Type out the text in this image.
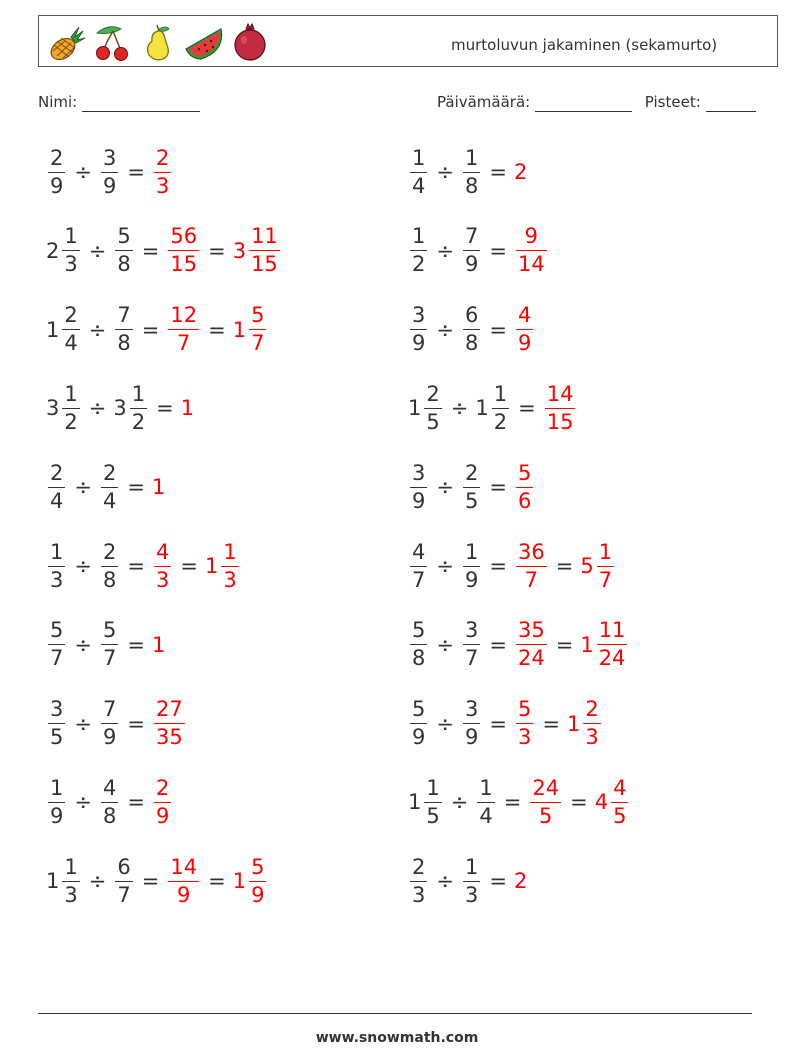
murtoluvun jakaminen (sekamurto)
Nimi:	Päivämäärä:	Pisteet:
$\frac{2}{9} \div \frac{3}{9} = \frac{2}{3}$	$\frac{1}{4} \div \frac{1}{8} = 2$
$2 \frac{1}{3} \div \frac{5}{8} = \frac{56}{15} = 3 \frac{11}{15}$	$\frac{1}{2} \div \frac{7}{9} = \frac{9}{14}$
$1 \frac{2}{4} \div \frac{7}{8} = \frac{12}{7} = 1 \frac{5}{7}$	$\frac{3}{9} \div \frac{6}{8} = \frac{4}{9}$
$3 \frac{1}{2} \div 3 \frac{1}{2} = 1$	$1 \frac{2}{5} \div 1 \frac{1}{2} = \frac{14}{15}$
$\frac{2}{4} \div \frac{2}{4} = 1$	$\frac{3}{9} \div \frac{2}{5} = \frac{5}{6}$
$\frac{1}{3} \div \frac{2}{8} = \frac{4}{3} = 1 \frac{1}{3}$	$\frac{4}{7} \div \frac{1}{9} = \frac{36}{7} = 5 \frac{1}{7}$
$\frac{5}{7} \div \frac{5}{7} = 1$	$\frac{5}{8} \div \frac{3}{7} = \frac{35}{24} = 1 \frac{11}{24}$
$\frac{3}{5} \div \frac{7}{9} = \frac{27}{35}$	$\frac{5}{9} \div \frac{3}{9} = \frac{5}{3} = 1 \frac{2}{3}$
$\frac{1}{9} \div \frac{4}{8} = \frac{2}{9}$	$1 \frac{1}{5} \div \frac{1}{4} = \frac{24}{5} = 4 \frac{4}{5}$
$1 \frac{1}{3} \div \frac{6}{7} = \frac{14}{9} = 1 \frac{5}{9}$	$\frac{2}{3} \div \frac{1}{3} = 2$
www.snowmath.com
